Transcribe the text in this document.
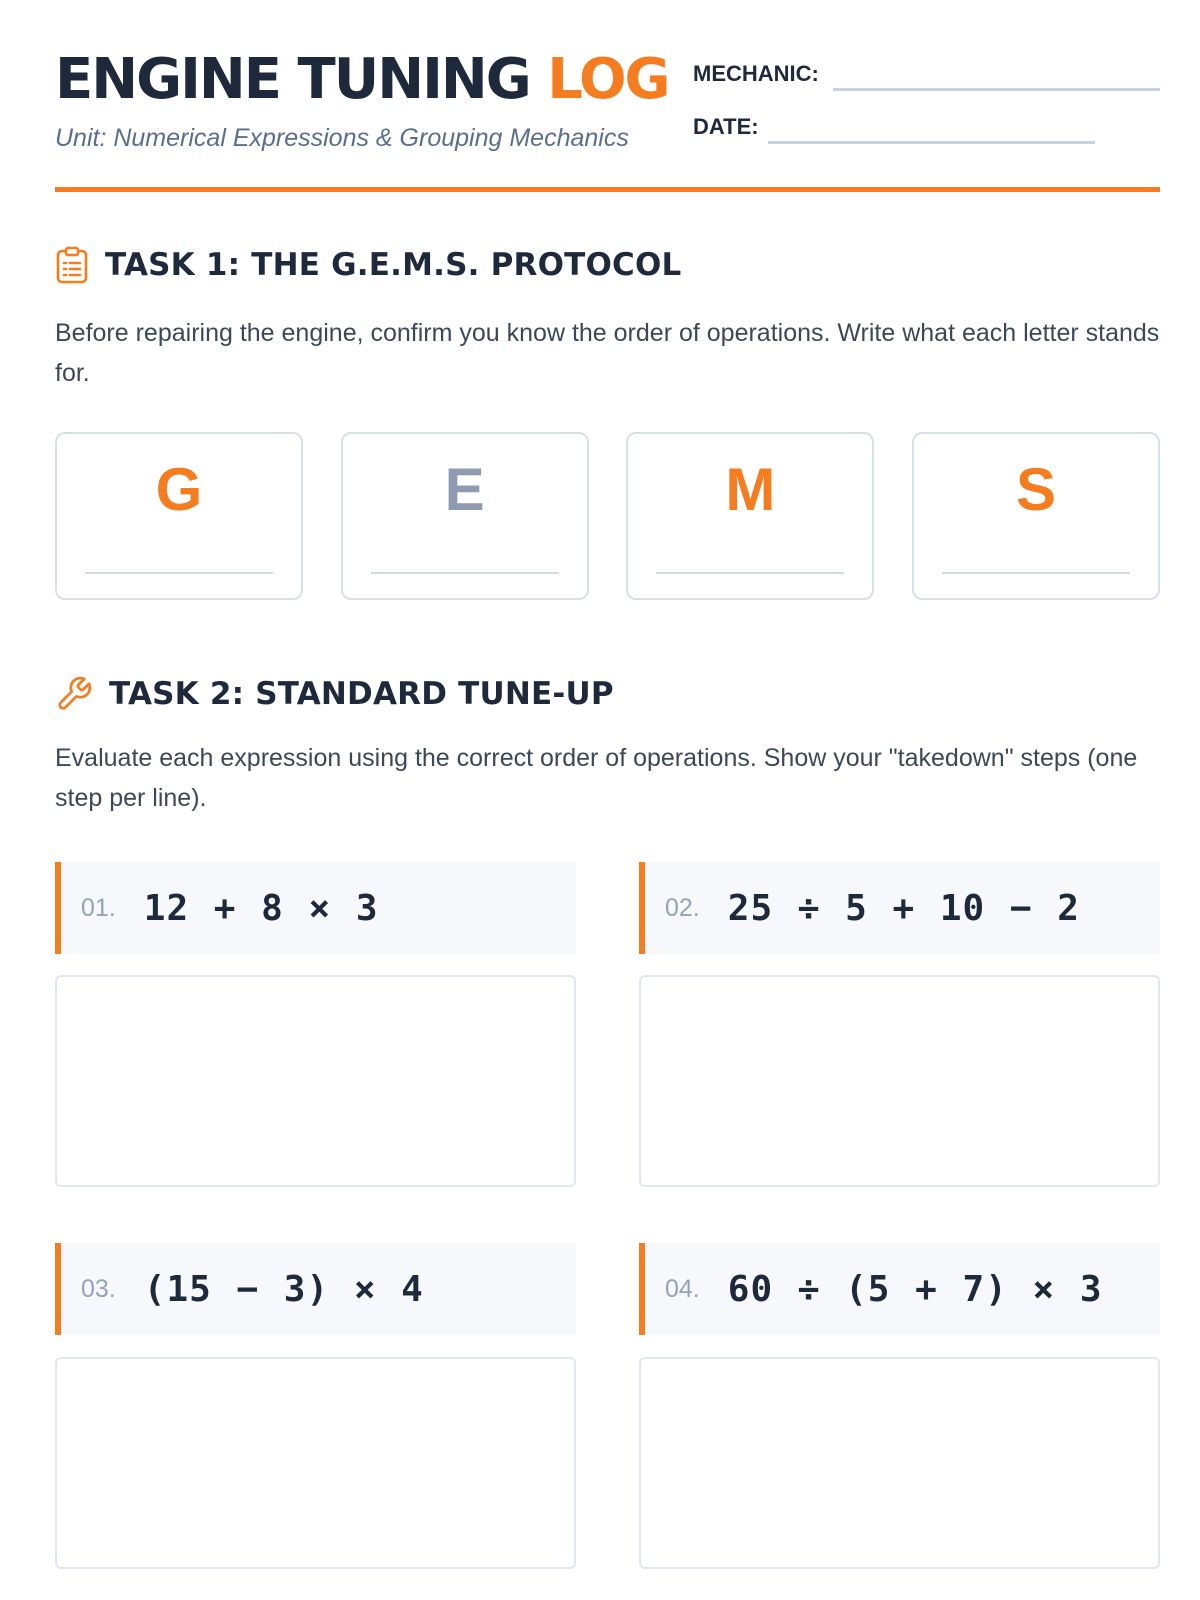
ENGINE TUNING LOG
Unit: Numerical Expressions & Grouping Mechanics
MECHANIC:
DATE:
TASK 1: THE G.E.M.S. PROTOCOL
Before repairing the engine, confirm you know the order of operations. Write what each letter stands for.
G	E	M	S
TASK 2: STANDARD TUNE-UP
Evaluate each expression using the correct order of operations. Show your "takedown" steps (one step per line).
01. 12 + 8 × 3	02. 25 ÷ 5 + 10 − 2
03. (15 − 3) × 4	04. 60 ÷ (5 + 7) × 3
